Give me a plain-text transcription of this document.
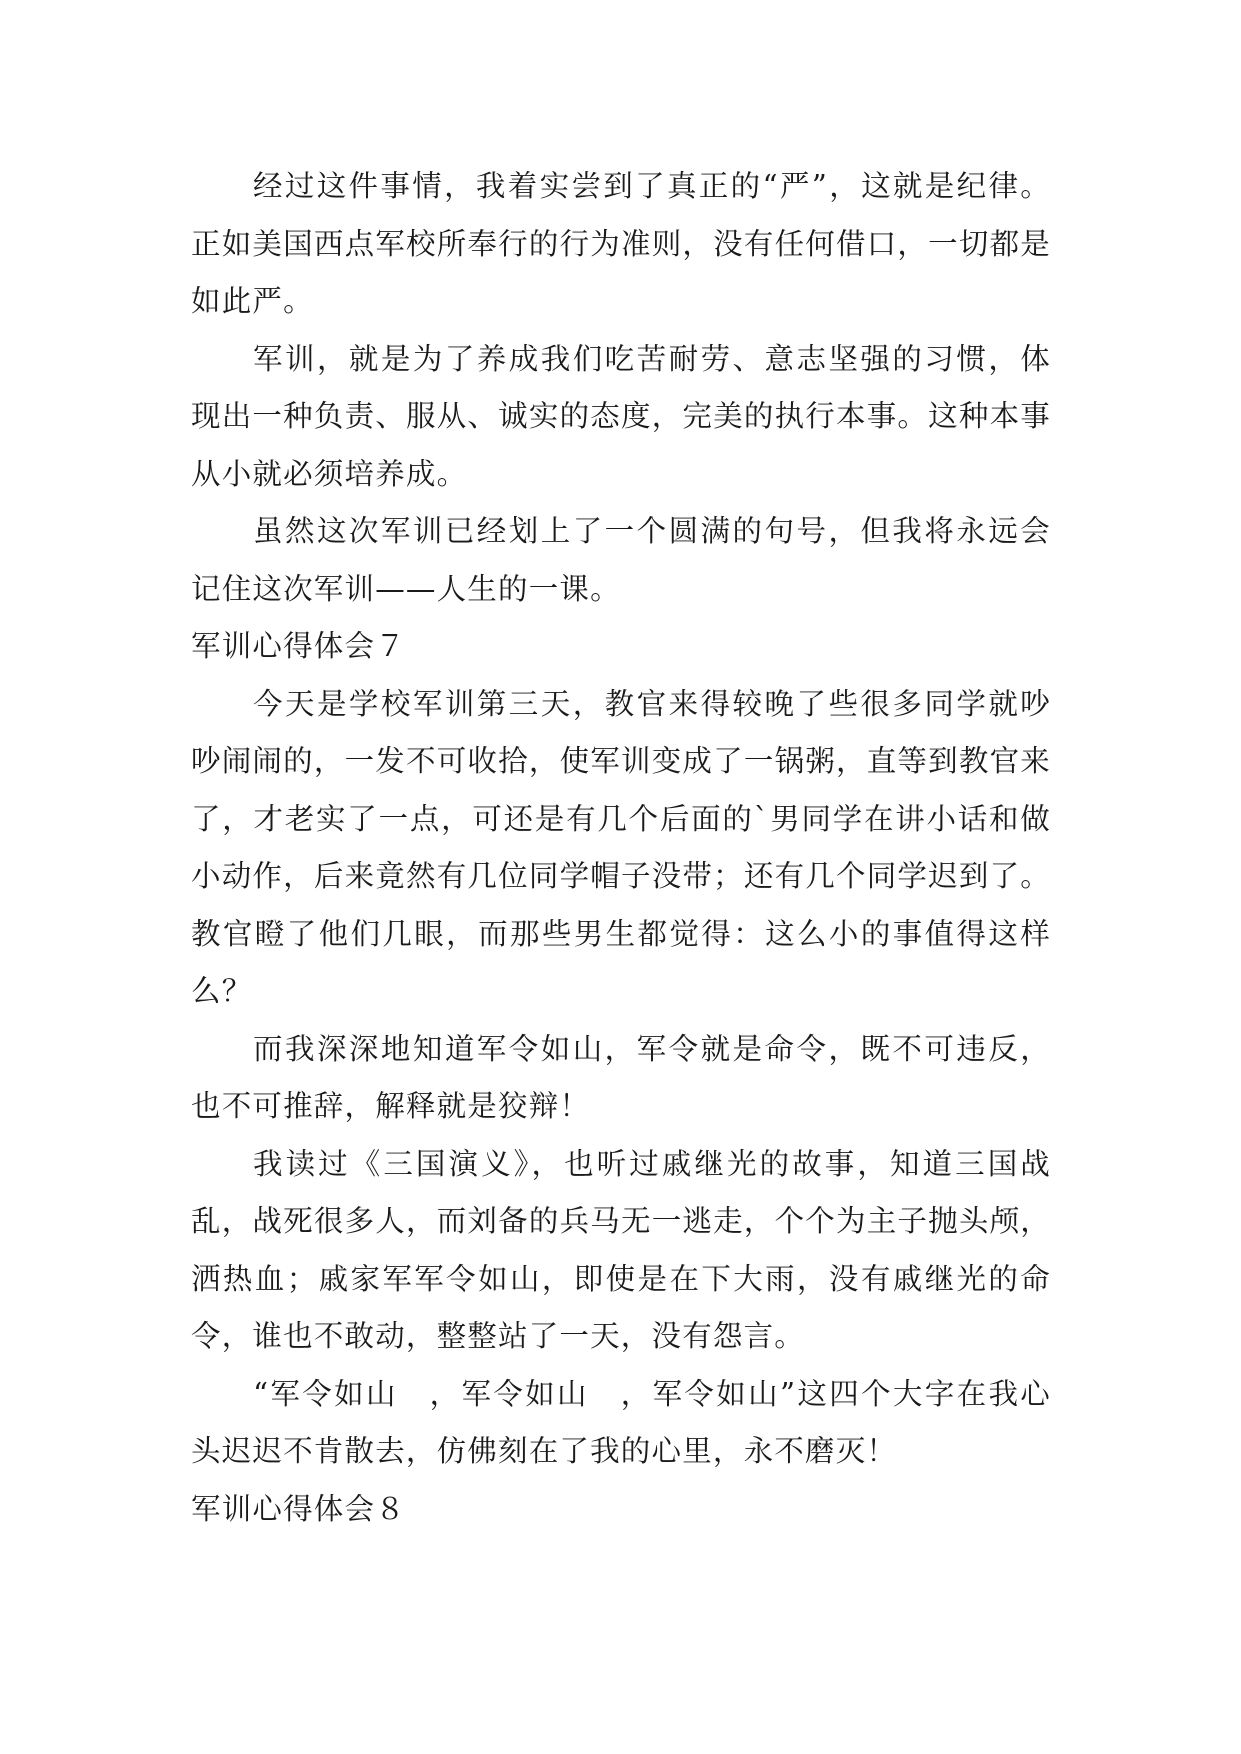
经过这件事情，我着实尝到了真正的“严”，这就是纪律。正如美国西点军校所奉行的行为准则，没有任何借口，一切都是如此严。

军训，就是为了养成我们吃苦耐劳、意志坚强的习惯，体现出一种负责、服从、诚实的态度，完美的执行本事。这种本事从小就必须培养成。

虽然这次军训已经划上了一个圆满的句号，但我将永远会记住这次军训——人生的一课。

军训心得体会７

今天是学校军训第三天，教官来得较晚了些很多同学就吵吵闹闹的，一发不可收拾，使军训变成了一锅粥，直等到教官来了，才老实了一点，可还是有几个后面的`男同学在讲小话和做小动作，后来竟然有几位同学帽子没带；还有几个同学迟到了。教官瞪了他们几眼，而那些男生都觉得：这么小的事值得这样么？

而我深深地知道军令如山，军令就是命令，既不可违反，也不可推辞，解释就是狡辩！

我读过《三国演义》，也听过戚继光的故事，知道三国战乱，战死很多人，而刘备的兵马无一逃走，个个为主子抛头颅，洒热血；戚家军军令如山，即使是在下大雨，没有戚继光的命令，谁也不敢动，整整站了一天，没有怨言。

“军令如山　，军令如山　，军令如山”这四个大字在我心头迟迟不肯散去，仿佛刻在了我的心里，永不磨灭！

军训心得体会８
